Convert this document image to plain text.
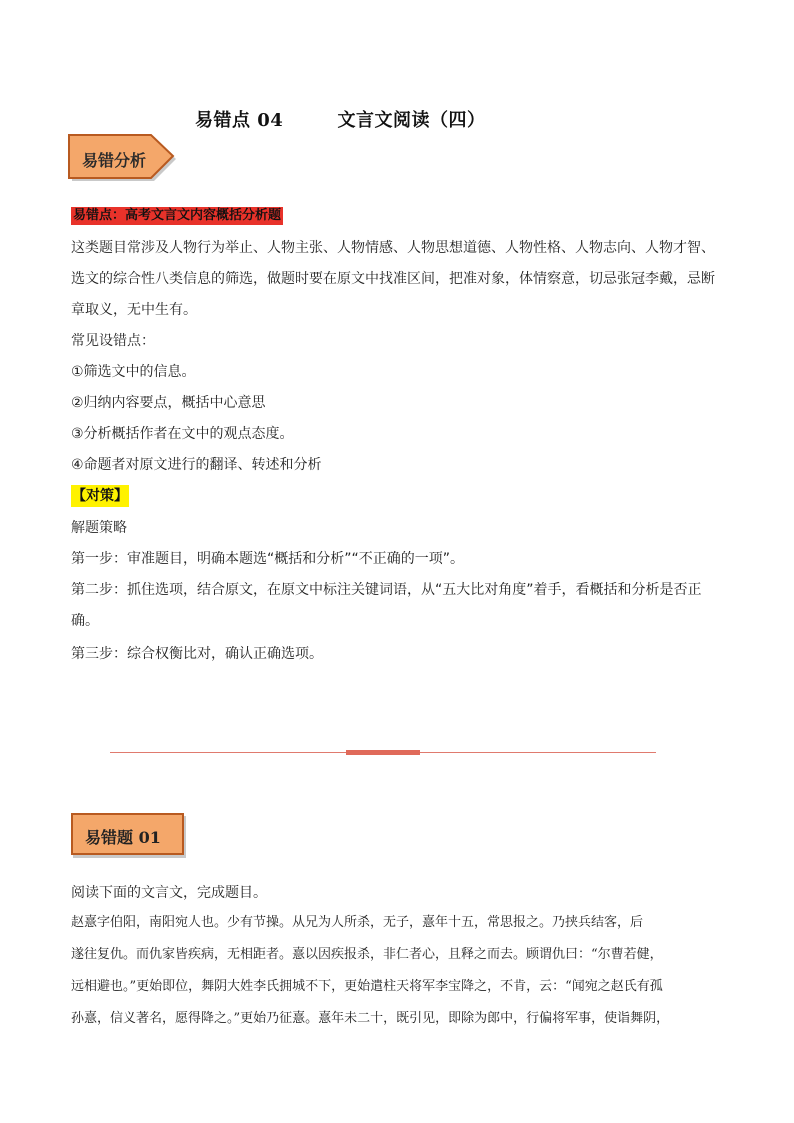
易错点 04        文言文阅读（四）
易错分析
易错点：高考文言文内容概括分析题
这类题目常涉及人物行为举止、人物主张、人物情感、人物思想道德、人物性格、人物志向、人物才智、
选文的综合性八类信息的筛选，做题时要在原文中找准区间，把准对象，体情察意，切忌张冠李戴，忌断
章取义，无中生有。
常见设错点：
①筛选文中的信息。
②归纳内容要点，概括中心意思
③分析概括作者在文中的观点态度。
④命题者对原文进行的翻译、转述和分析
【对策】
解题策略
第一步：审准题目，明确本题选“概括和分析”“不正确的一项”。
第二步：抓住选项，结合原文，在原文中标注关键词语，从“五大比对角度”着手，看概括和分析是否正
确。
第三步：综合权衡比对，确认正确选项。
易错题 01
阅读下面的文言文，完成题目。
赵憙字伯阳，南阳宛人也。少有节操。从兄为人所杀，无子，憙年十五，常思报之。乃挟兵结客，后
遂往复仇。而仇家皆疾病，无相距者。憙以因疾报杀，非仁者心，且释之而去。顾谓仇曰：“尔曹若健，
远相避也。”更始即位，舞阴大姓李氏拥城不下，更始遣柱天将军李宝降之，不肯，云：“闻宛之赵氏有孤
孙憙，信义著名，愿得降之。”更始乃征憙。憙年未二十，既引见，即除为郎中，行偏将军事，使诣舞阴，
